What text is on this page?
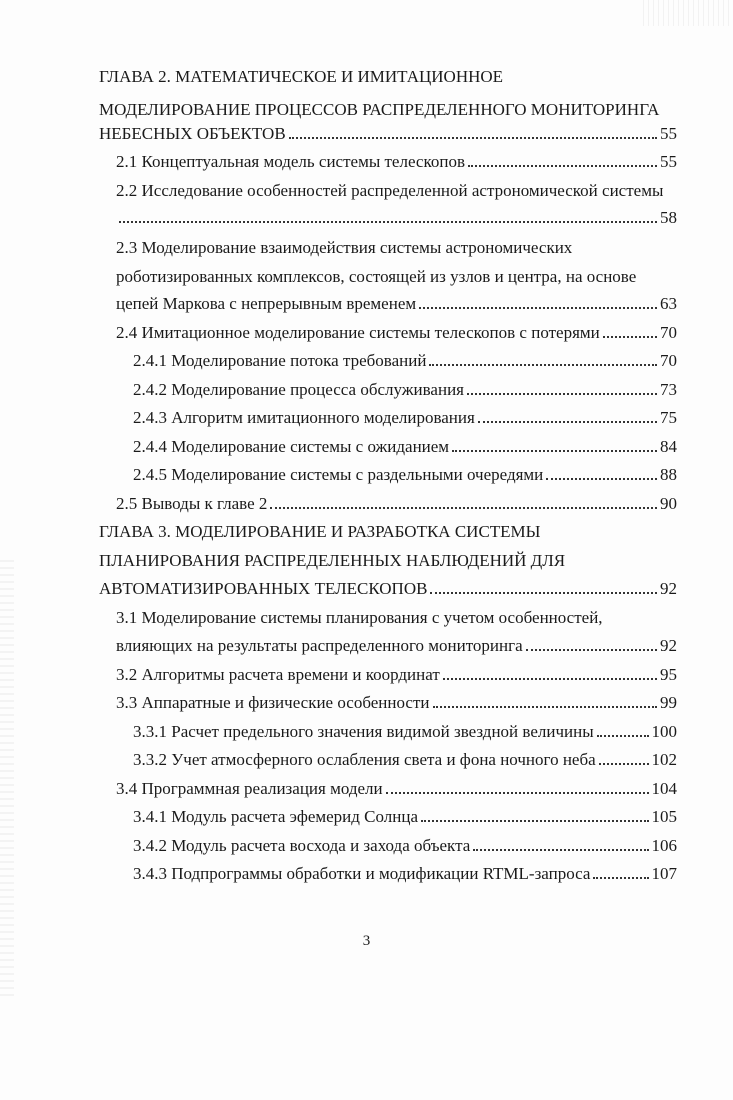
ГЛАВА 2. МАТЕМАТИЧЕСКОЕ И ИМИТАЦИОННОЕ
МОДЕЛИРОВАНИЕ ПРОЦЕССОВ РАСПРЕДЕЛЕННОГО МОНИТОРИНГА
НЕБЕСНЫХ ОБЪЕКТОВ	55
2.1 Концептуальная модель системы телескопов	55
2.2 Исследование особенностей распределенной астрономической системы
58
2.3 Моделирование взаимодействия системы астрономических
роботизированных комплексов, состоящей из узлов и центра, на основе
цепей Маркова с непрерывным временем	63
2.4 Имитационное моделирование системы телескопов с потерями	70
2.4.1 Моделирование потока требований	70
2.4.2 Моделирование процесса обслуживания	73
2.4.3 Алгоритм имитационного моделирования	75
2.4.4 Моделирование системы с ожиданием	84
2.4.5 Моделирование системы с раздельными очередями	88
2.5 Выводы к главе 2	90
ГЛАВА 3. МОДЕЛИРОВАНИЕ И РАЗРАБОТКА СИСТЕМЫ
ПЛАНИРОВАНИЯ РАСПРЕДЕЛЕННЫХ НАБЛЮДЕНИЙ ДЛЯ
АВТОМАТИЗИРОВАННЫХ ТЕЛЕСКОПОВ	92
3.1 Моделирование системы планирования с учетом особенностей,
влияющих на результаты распределенного мониторинга	92
3.2 Алгоритмы расчета времени и координат	95
3.3 Аппаратные и физические особенности	99
3.3.1 Расчет предельного значения видимой звездной величины	100
3.3.2 Учет атмосферного ослабления света и фона ночного неба	102
3.4 Программная реализация модели	104
3.4.1 Модуль расчета эфемерид Солнца	105
3.4.2 Модуль расчета восхода и захода объекта	106
3.4.3 Подпрограммы обработки и модификации RTML-запроса	107
3
